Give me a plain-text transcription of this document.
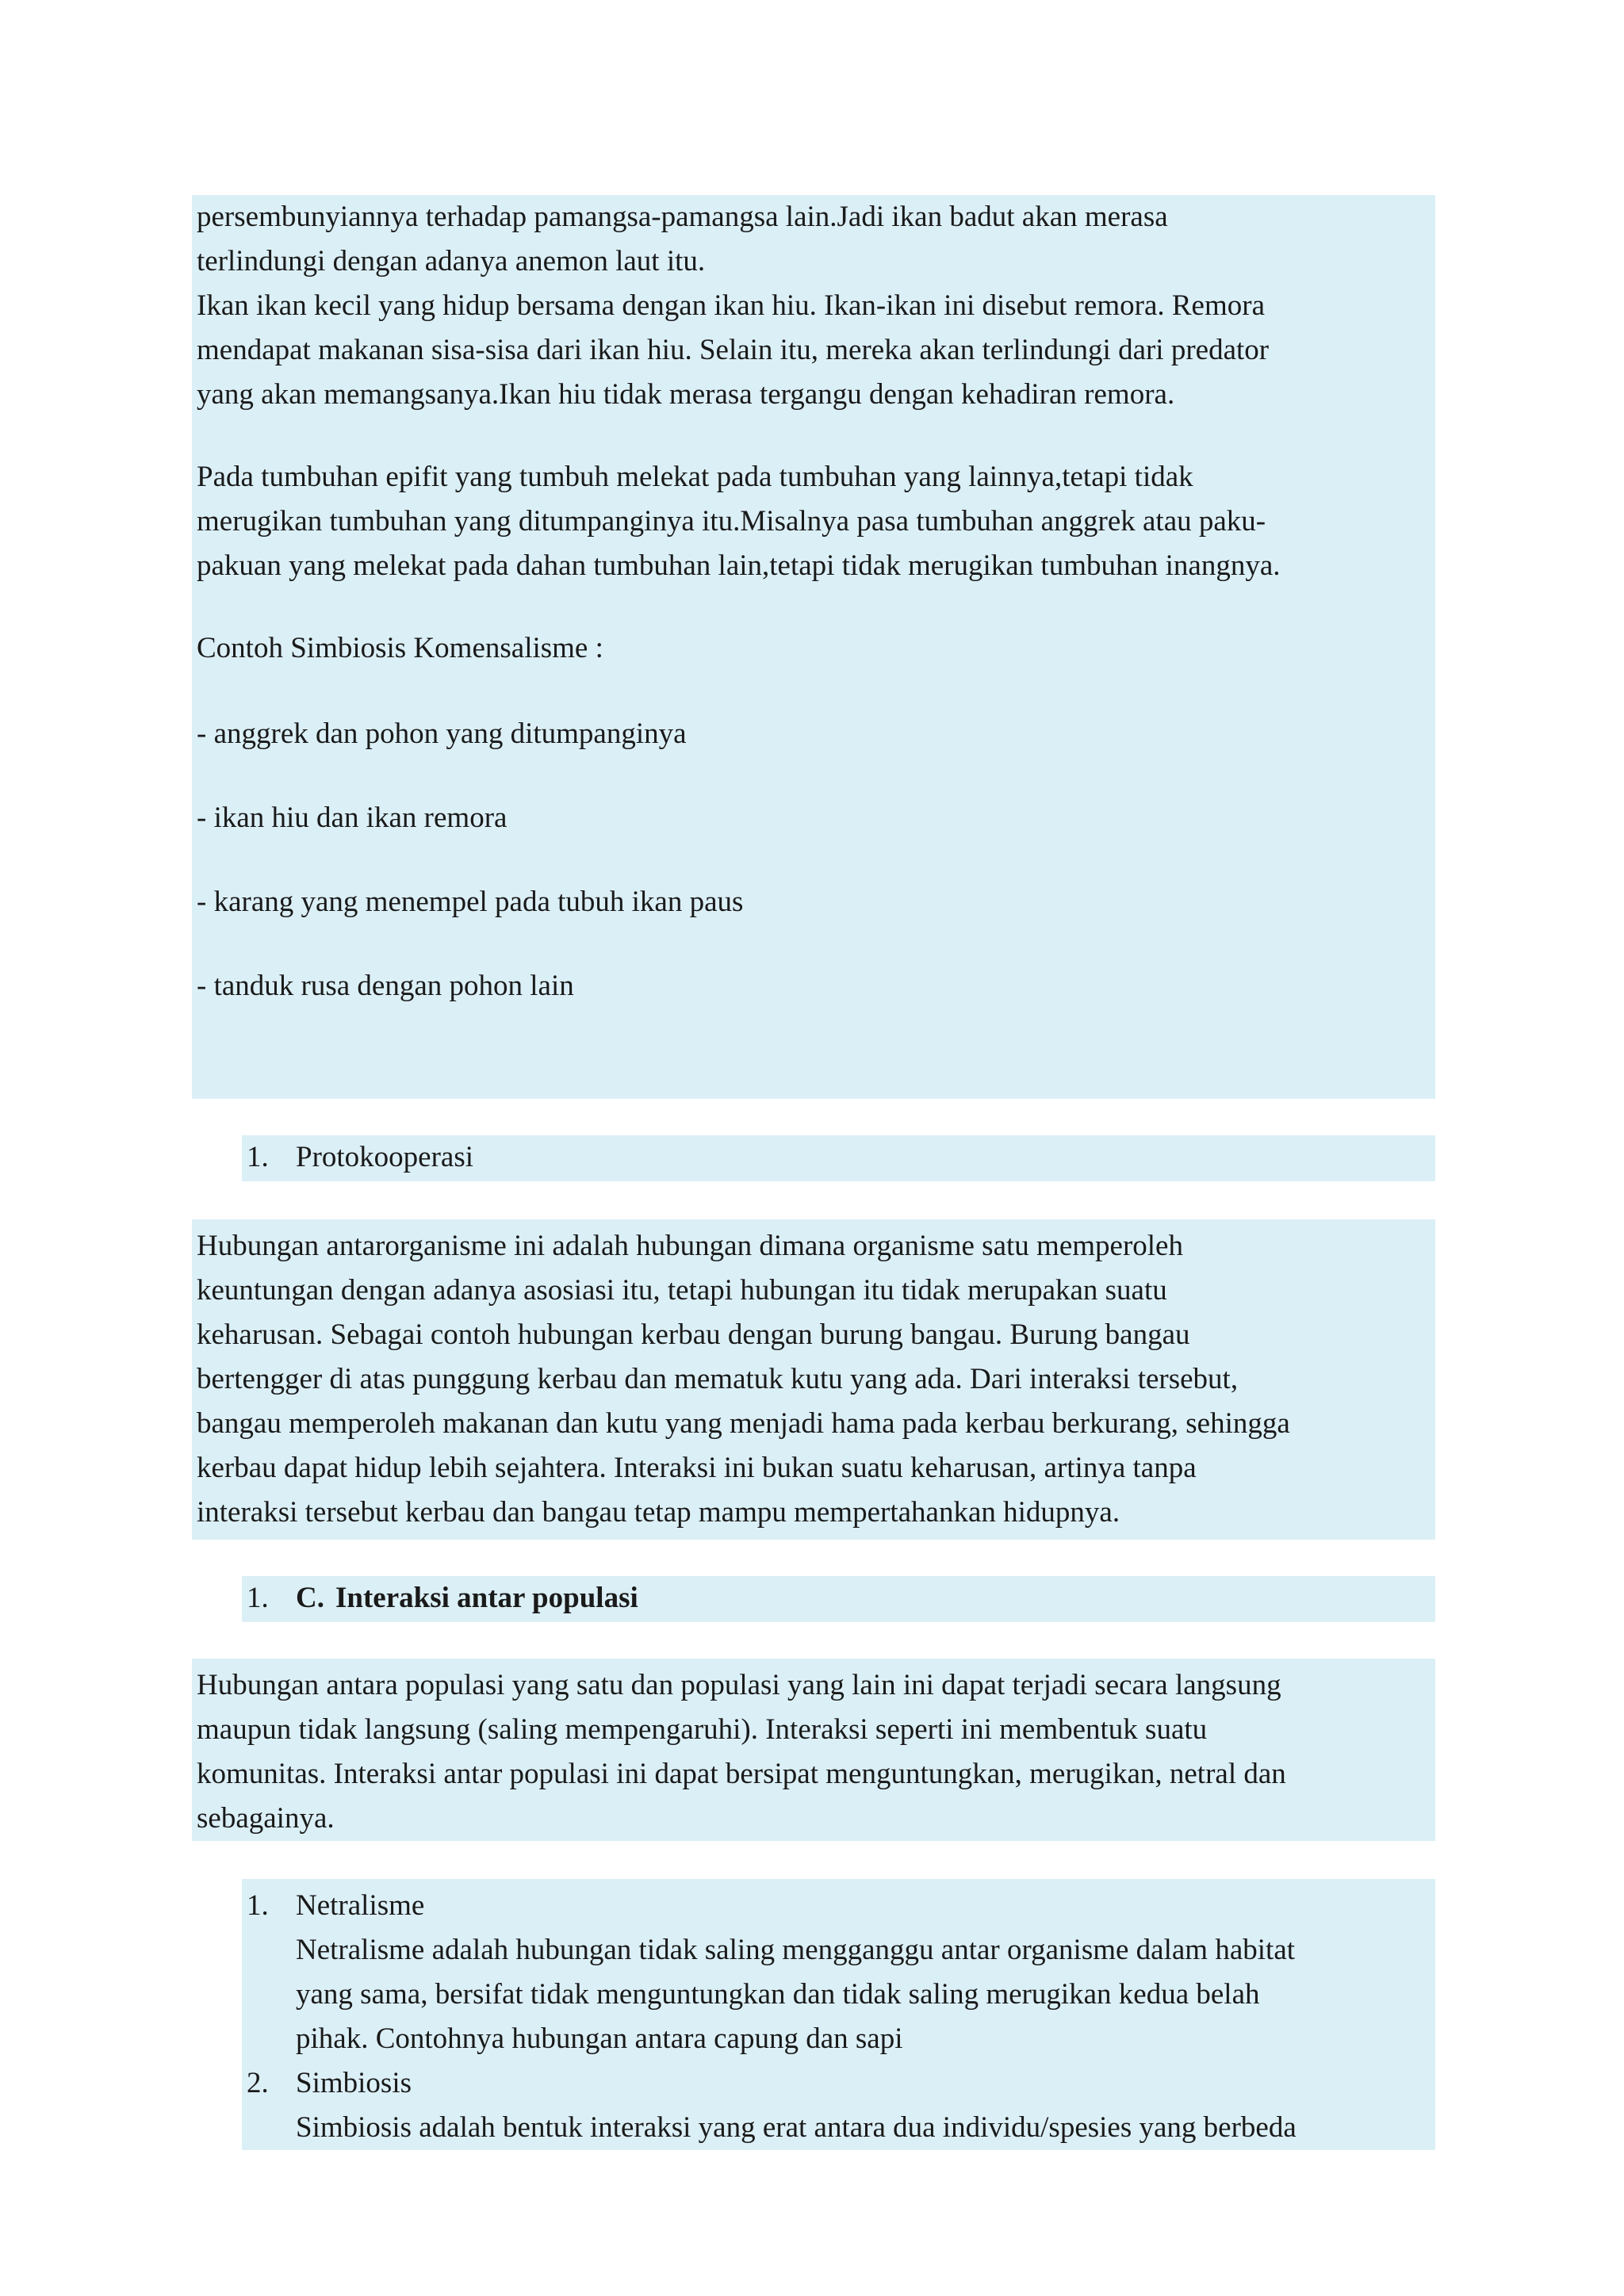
persembunyiannya terhadap pamangsa-pamangsa lain.Jadi ikan badut akan merasa

terlindungi dengan adanya anemon laut itu.

Ikan ikan kecil yang hidup bersama dengan ikan hiu. Ikan-ikan ini disebut remora. Remora

mendapat makanan sisa-sisa dari ikan hiu. Selain itu, mereka akan terlindungi dari predator

yang akan memangsanya.Ikan hiu tidak merasa tergangu dengan kehadiran remora.

Pada tumbuhan epifit yang tumbuh melekat pada tumbuhan yang lainnya,tetapi tidak

merugikan tumbuhan yang ditumpanginya itu.Misalnya pasa tumbuhan anggrek atau paku-

pakuan yang melekat pada dahan tumbuhan lain,tetapi tidak merugikan tumbuhan inangnya.

Contoh Simbiosis Komensalisme :

- anggrek dan pohon yang ditumpanginya

- ikan hiu dan ikan remora

- karang yang menempel pada tubuh ikan paus

- tanduk rusa dengan pohon lain

1. Protokooperasi

Hubungan antarorganisme ini adalah hubungan dimana organisme satu memperoleh

keuntungan dengan adanya asosiasi itu, tetapi hubungan itu tidak merupakan suatu

keharusan. Sebagai contoh hubungan kerbau dengan burung bangau. Burung bangau

bertengger di atas punggung kerbau dan mematuk kutu yang ada. Dari interaksi tersebut,

bangau memperoleh makanan dan kutu yang menjadi hama pada kerbau berkurang, sehingga

kerbau dapat hidup lebih sejahtera. Interaksi ini bukan suatu keharusan, artinya tanpa

interaksi tersebut kerbau dan bangau tetap mampu mempertahankan hidupnya.

1. C. Interaksi antar populasi

Hubungan antara populasi yang satu dan populasi yang lain ini dapat terjadi secara langsung

maupun tidak langsung (saling mempengaruhi). Interaksi seperti ini membentuk suatu

komunitas. Interaksi antar populasi ini dapat bersipat menguntungkan, merugikan, netral dan

sebagainya.

1. Netralisme

Netralisme adalah hubungan tidak saling mengganggu antar organisme dalam habitat

yang sama, bersifat tidak menguntungkan dan tidak saling merugikan kedua belah

pihak. Contohnya hubungan antara capung dan sapi

2. Simbiosis

Simbiosis adalah bentuk interaksi yang erat antara dua individu/spesies yang berbeda
